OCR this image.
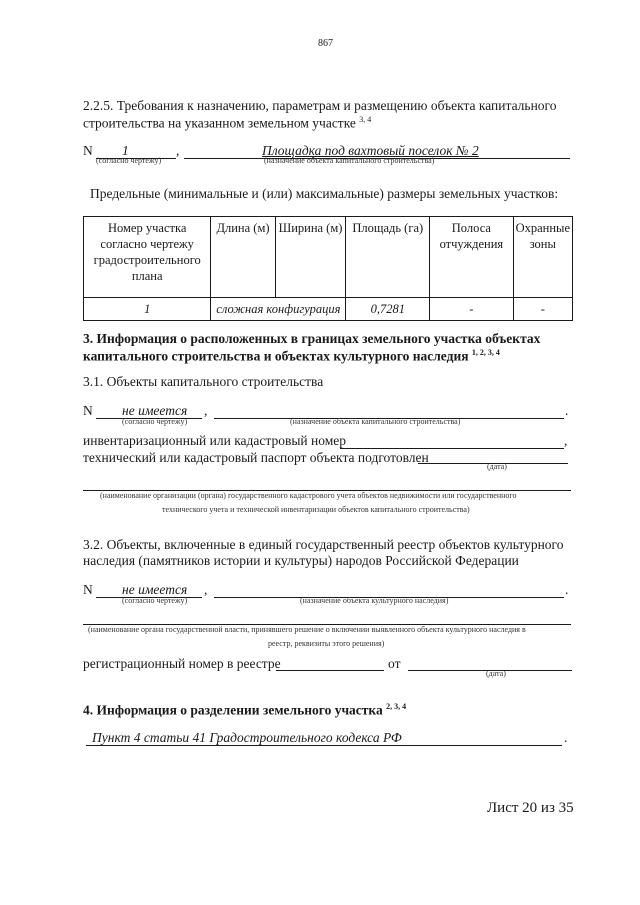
867
2.2.5. Требования к назначению, параметрам и размещению объекта капитального
строительства на указанном земельном участке $^{3, 4}$
N 1	,
(согласно чертежу)
Площадка под вахтовый поселок № 2
(назначение объекта капитального строительства)
Предельные (минимальные и (или) максимальные) размеры земельных участков:
Номер участка согласно чертежу градостроительного плана	Длина (м)	Ширина (м)	Площадь (га)	Полоса отчуждения	Охранные зоны
1	сложная конфигурация		0,7281	-	-
3. Информация о расположенных в границах земельного участка объектах
капитального строительства и объектах культурного наследия $^{1, 2, 3, 4}$
3.1. Объекты капитального строительства
N не имеется ,	.
(согласно чертежу)	(назначение объекта капитального строительства)
инвентаризационный или кадастровый номер	,
технический или кадастровый паспорт объекта подготовлен
(дата)
(наименование организации (органа) государственного кадастрового учета объектов недвижимости или государственного
технического учета и технической инвентаризации объектов капитального строительства)
3.2. Объекты, включенные в единый государственный реестр объектов культурного
наследия (памятников истории и культуры) народов Российской Федерации
N не имеется ,	.
(согласно чертежу)	(назначение объекта культурного наследия)
(наименование органа государственной власти, принявшего решение о включении выявленного объекта культурного наследия в
реестр, реквизиты этого решения)
регистрационный номер в реестре	от
(дата)
4. Информация о разделении земельного участка $^{2, 3, 4}$
Пункт 4 статьи 41 Градостроительного кодекса РФ	.
Лист 20 из 35
